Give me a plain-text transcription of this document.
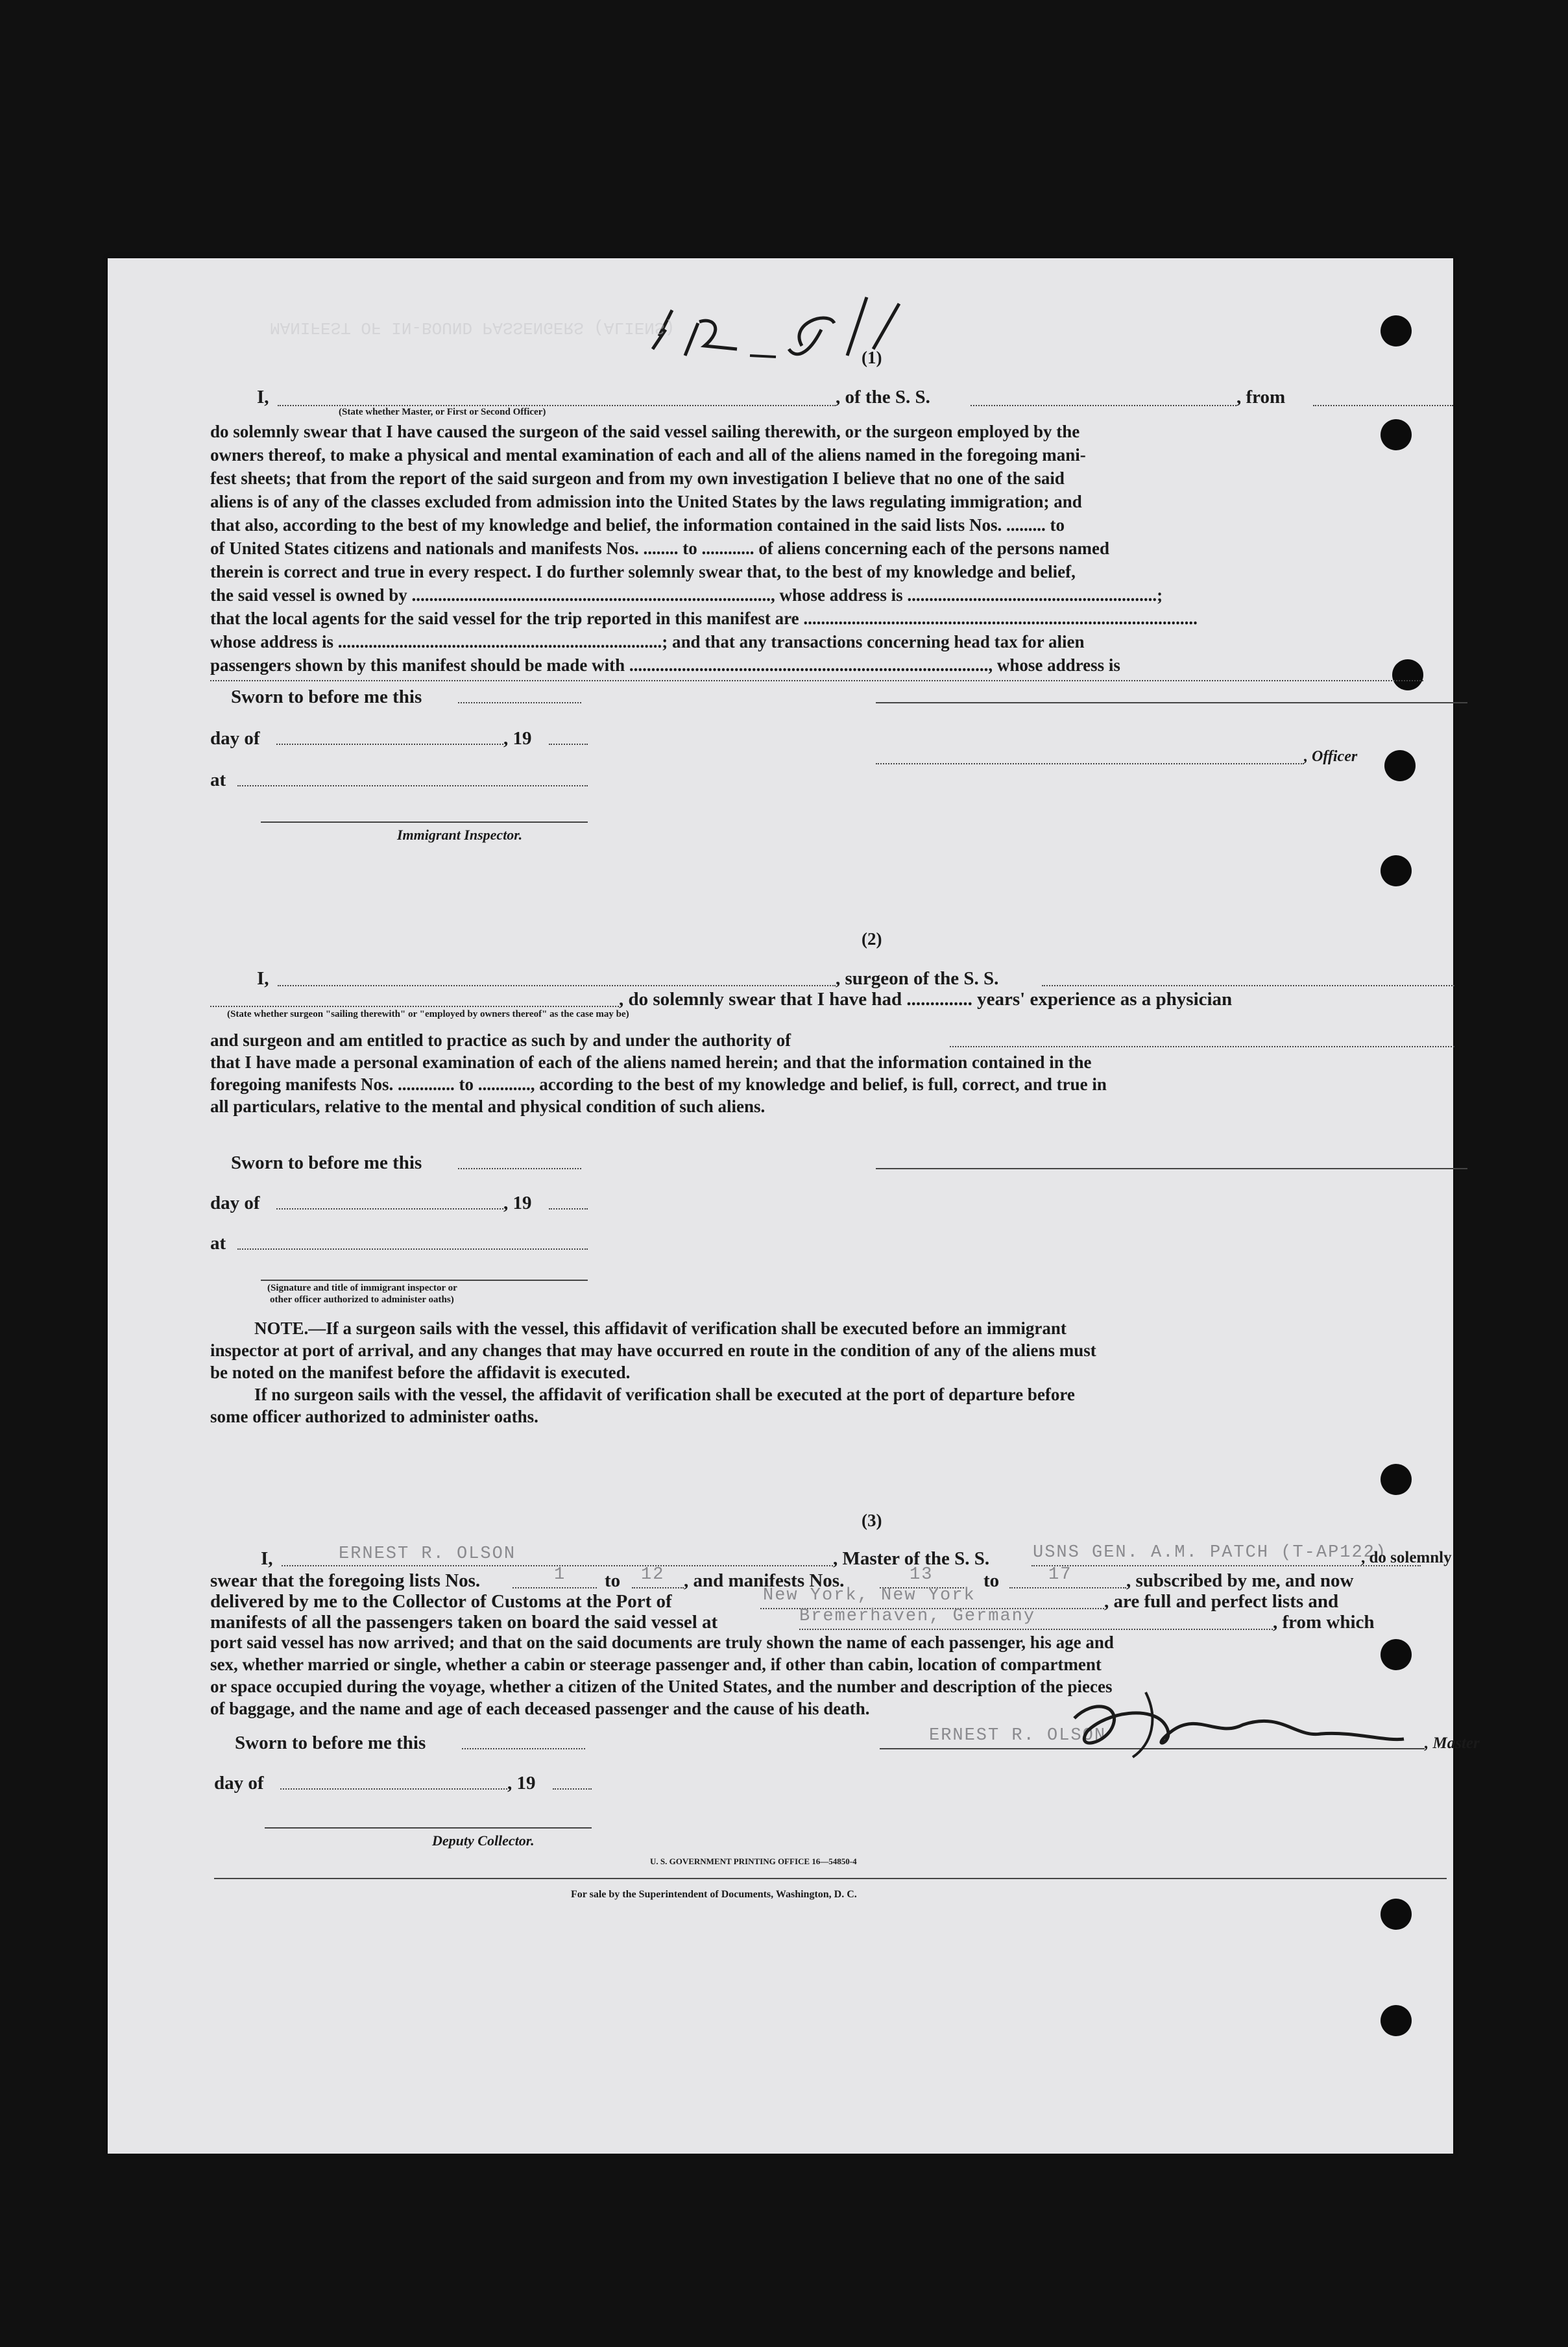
MANIFEST OF IN-BOUND PASSENGERS (ALIENS)
(1)
I,
(State whether Master, or First or Second Officer)
, of the S. S.	, from
do solemnly swear that I have caused the surgeon of the said vessel sailing therewith, or the surgeon employed by the
owners thereof, to make a physical and mental examination of each and all of the aliens named in the foregoing mani-
fest sheets; that from the report of the said surgeon and from my own investigation I believe that no one of the said
aliens is of any of the classes excluded from admission into the United States by the laws regulating immigration; and
that also, according to the best of my knowledge and belief, the information contained in the said lists Nos. ......... to
of United States citizens and nationals and manifests Nos. ........ to ............ of aliens concerning each of the persons named
therein is correct and true in every respect. I do further solemnly swear that, to the best of my knowledge and belief,
the said vessel is owned by .................................................................................., whose address is .........................................................;
that the local agents for the said vessel for the trip reported in this manifest are ..........................................................................................
whose address is ..........................................................................; and that any transactions concerning head tax for alien
passengers shown by this manifest should be made with .................................................................................., whose address is
Sworn to before me this
day of	, 19
, Officer
at
Immigrant Inspector.
(2)
I,	, surgeon of the S. S.
, do solemnly swear that I have had .............. years' experience as a physician
(State whether surgeon "sailing therewith" or "employed by owners thereof" as the case may be)
and surgeon and am entitled to practice as such by and under the authority of
that I have made a personal examination of each of the aliens named herein; and that the information contained in the
foregoing manifests Nos. ............. to ............, according to the best of my knowledge and belief, is full, correct, and true in
all particulars, relative to the mental and physical condition of such aliens.
Sworn to before me this
day of	, 19
at
(Signature and title of immigrant inspector or
other officer authorized to administer oaths)
NOTE.—If a surgeon sails with the vessel, this affidavit of verification shall be executed before an immigrant
inspector at port of arrival, and any changes that may have occurred en route in the condition of any of the aliens must
be noted on the manifest before the affidavit is executed.
If no surgeon sails with the vessel, the affidavit of verification shall be executed at the port of departure before
some officer authorized to administer oaths.
(3)
I,	ERNEST R. OLSON	, Master of the S. S. USNS GEN. A.M. PATCH (T-AP122)
, do solemnly
swear that the foregoing lists Nos.	1 to 12 , and manifests Nos.	13	to	17	, subscribed by me, and now
delivered by me to the Collector of Customs at the Port of	New York, New York	, are full and perfect lists and
manifests of all the passengers taken on board the said vessel at	Bremerhaven, Germany	, from which
port said vessel has now arrived; and that on the said documents are truly shown the name of each passenger, his age and
sex, whether married or single, whether a cabin or steerage passenger and, if other than cabin, location of compartment
or space occupied during the voyage, whether a citizen of the United States, and the number and description of the pieces
of baggage, and the name and age of each deceased passenger and the cause of his death.
Sworn to before me this	ERNEST R. OLSON	, Master
day of	, 19
Deputy Collector.
U. S. GOVERNMENT PRINTING OFFICE 16—54850-4
For sale by the Superintendent of Documents, Washington, D. C.
